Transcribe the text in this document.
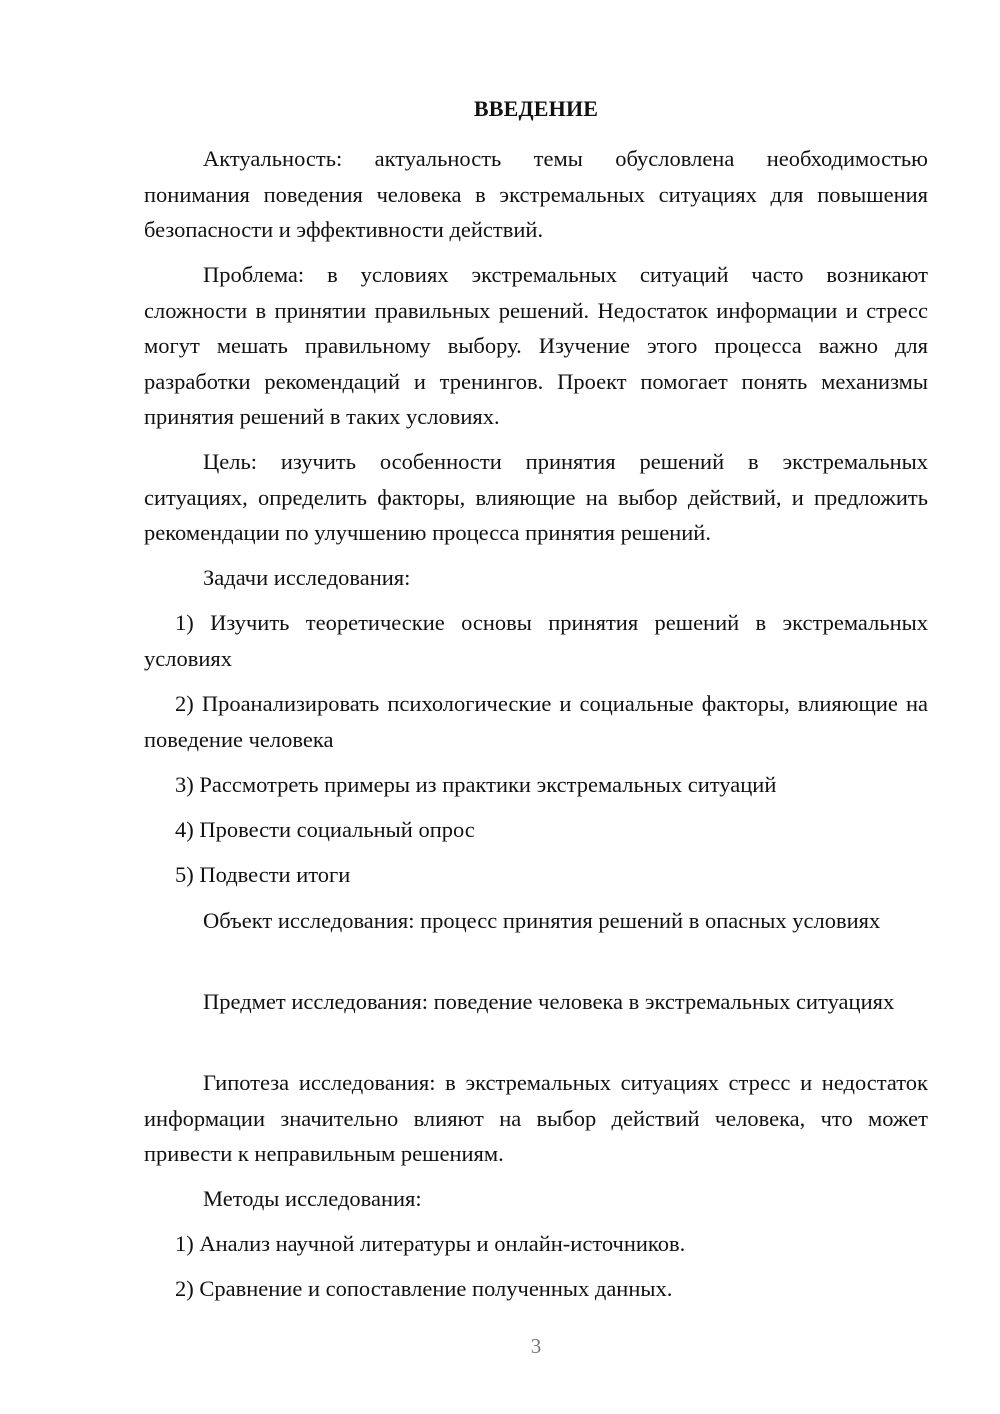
ВВЕДЕНИЕ

Актуальность: актуальность темы обусловлена необходимостью понимания поведения человека в экстремальных ситуациях для повышения безопасности и эффективности действий.

Проблема: в условиях экстремальных ситуаций часто возникают сложности в принятии правильных решений. Недостаток информации и стресс могут мешать правильному выбору. Изучение этого процесса важно для разработки рекомендаций и тренингов. Проект помогает понять механизмы принятия решений в таких условиях.

Цель: изучить особенности принятия решений в экстремальных ситуациях, определить факторы, влияющие на выбор действий, и предложить рекомендации по улучшению процесса принятия решений.

Задачи исследования:

1) Изучить теоретические основы принятия решений в экстремальных условиях

2) Проанализировать психологические и социальные факторы, влияющие на поведение человека

3) Рассмотреть примеры из практики экстремальных ситуаций

4) Провести социальный опрос

5) Подвести итоги

Объект исследования: процесс принятия решений в опасных условиях

Предмет исследования: поведение человека в экстремальных ситуациях

Гипотеза исследования: в экстремальных ситуациях стресс и недостаток информации значительно влияют на выбор действий человека, что может привести к неправильным решениям.

Методы исследования:

1) Анализ научной литературы и онлайн-источников.

2) Сравнение и сопоставление полученных данных.

3
